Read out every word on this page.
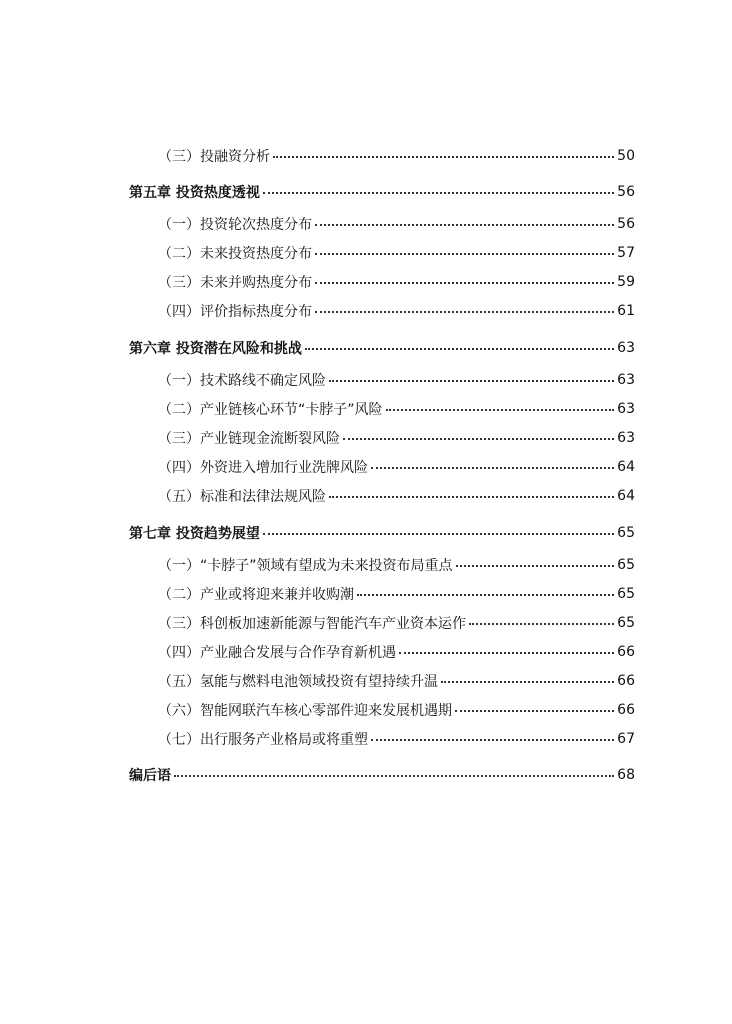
（三）投融资分析	50
第五章 投资热度透视	56
（一）投资轮次热度分布	56
（二）未来投资热度分布	57
（三）未来并购热度分布	59
（四）评价指标热度分布	61
第六章 投资潜在风险和挑战	63
（一）技术路线不确定风险	63
（二）产业链核心环节“卡脖子”风险	63
（三）产业链现金流断裂风险	63
（四）外资进入增加行业洗牌风险	64
（五）标准和法律法规风险	64
第七章 投资趋势展望	65
（一）“卡脖子”领域有望成为未来投资布局重点	65
（二）产业或将迎来兼并收购潮	65
（三）科创板加速新能源与智能汽车产业资本运作	65
（四）产业融合发展与合作孕育新机遇	66
（五）氢能与燃料电池领域投资有望持续升温	66
（六）智能网联汽车核心零部件迎来发展机遇期	66
（七）出行服务产业格局或将重塑	67
编后语	68
